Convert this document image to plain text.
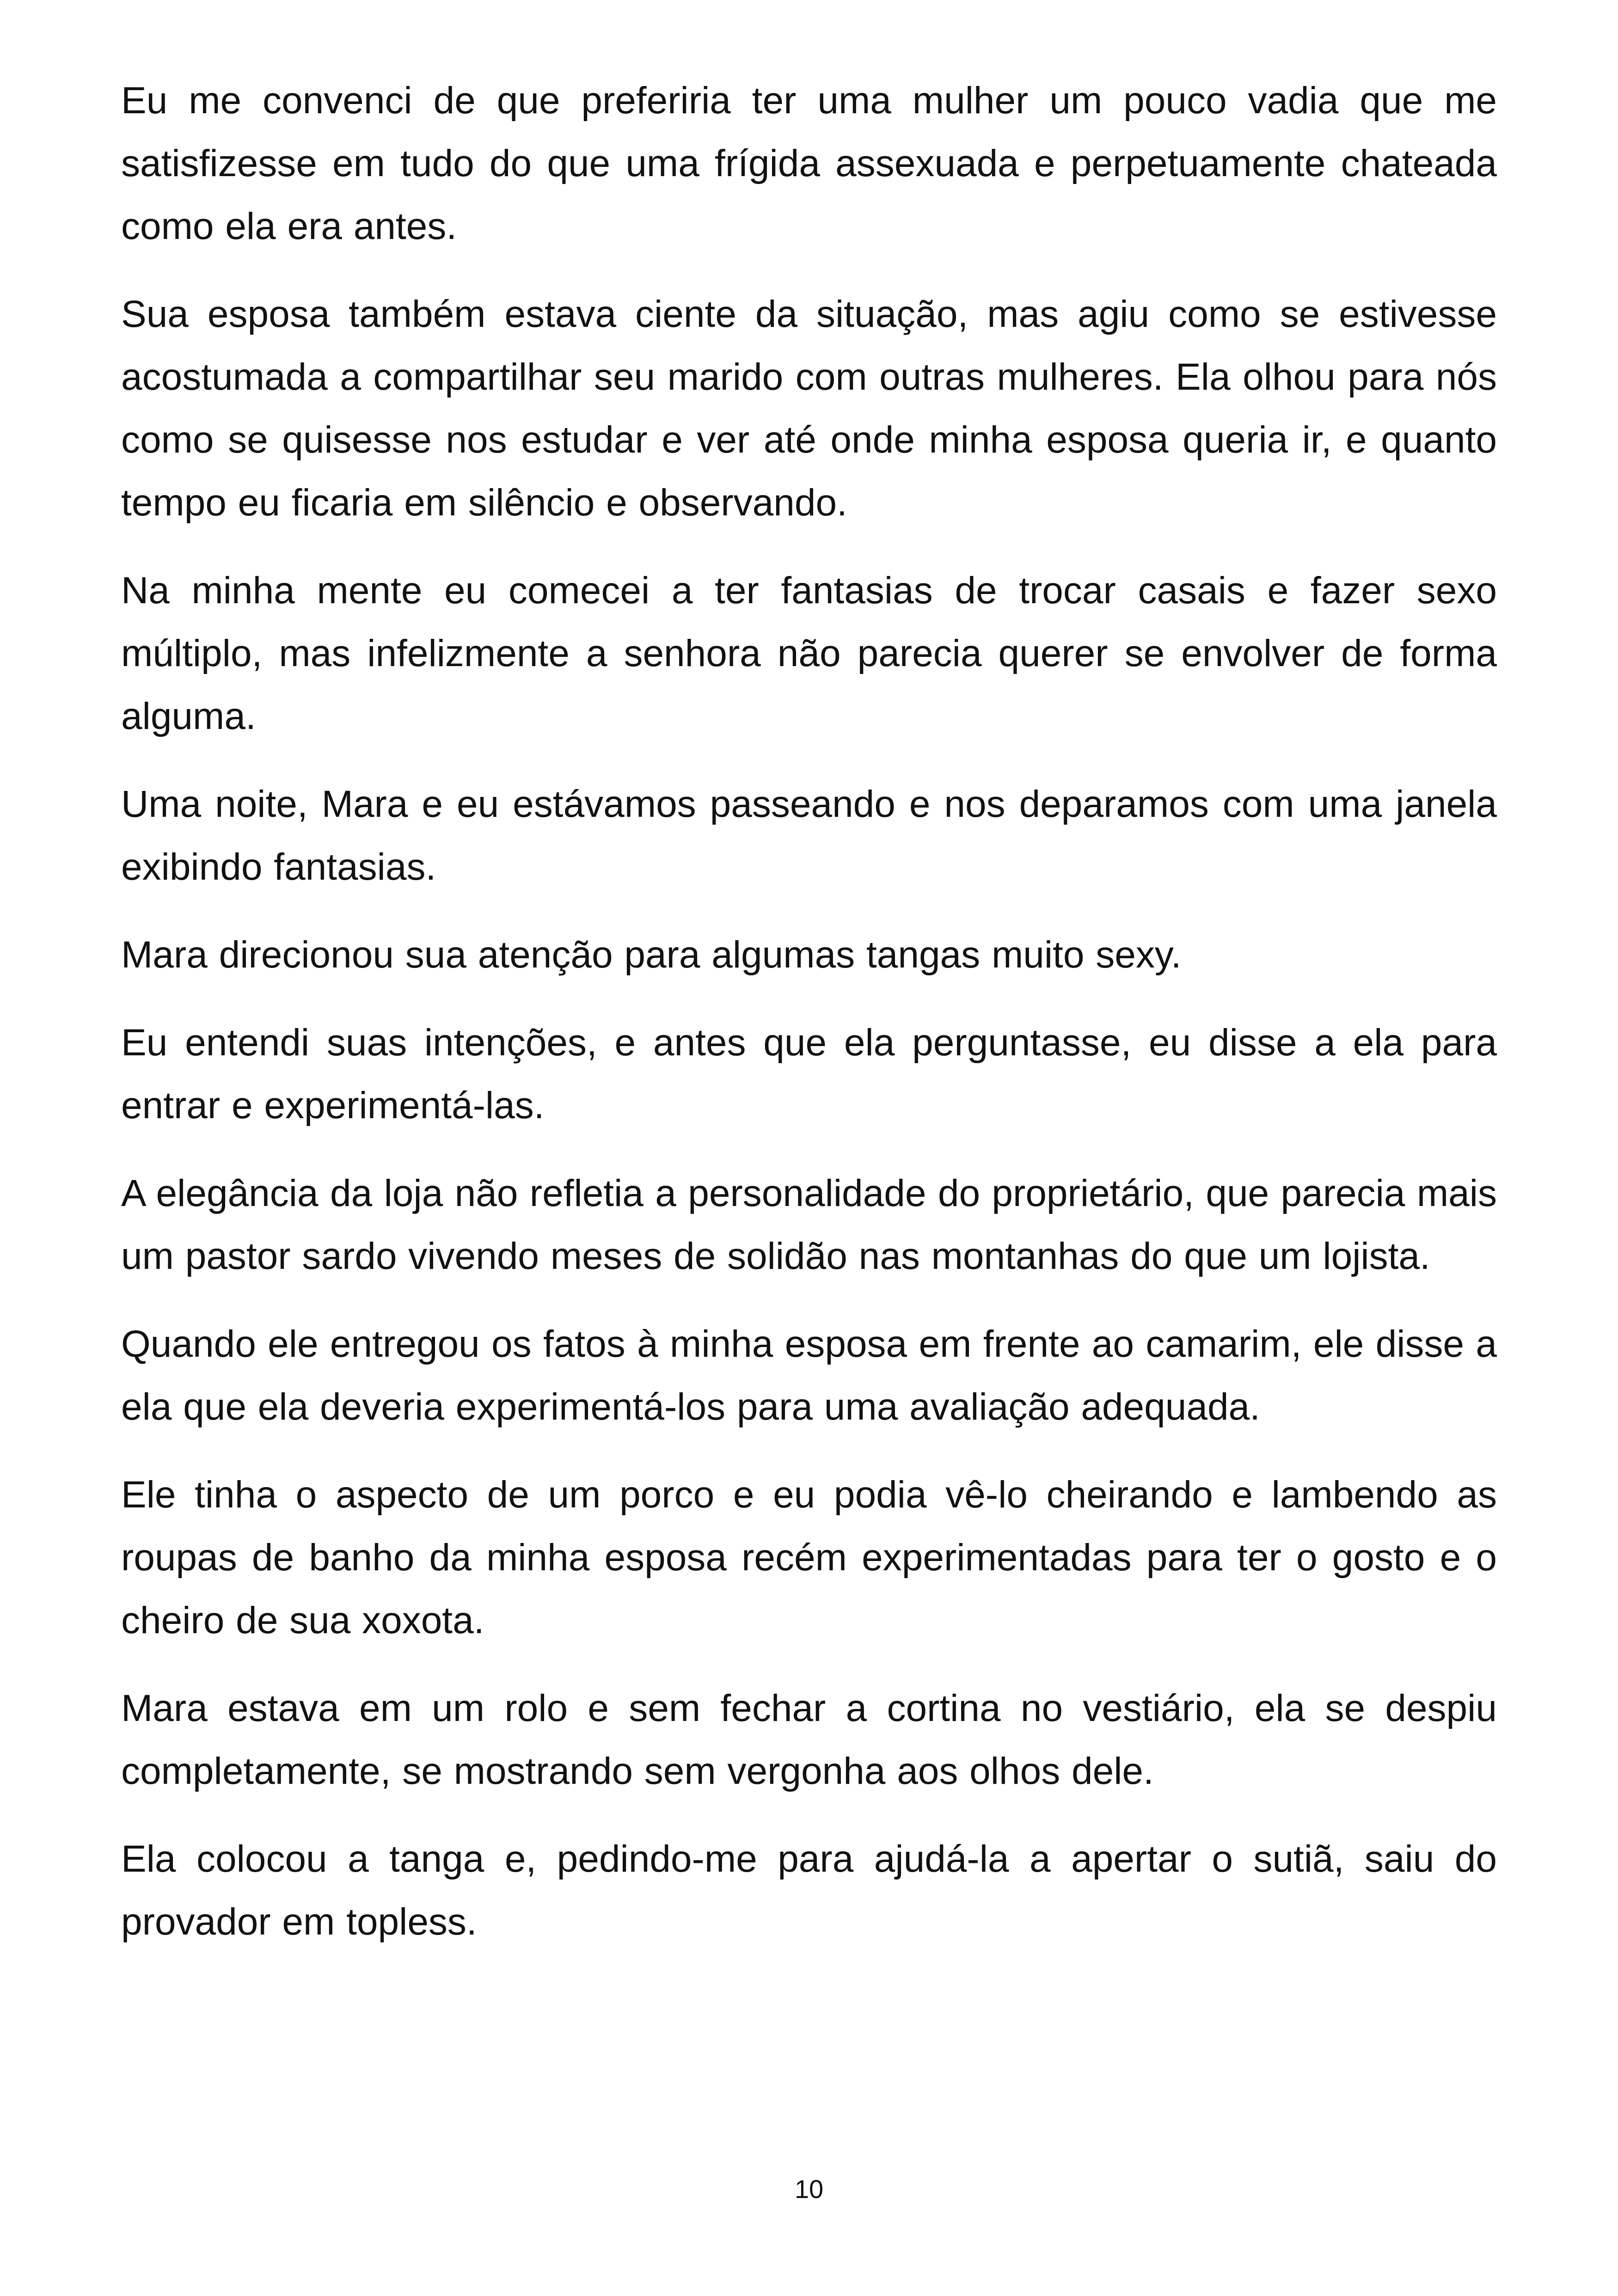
Eu me convenci de que preferiria ter uma mulher um pouco vadia que me satisfizesse em tudo do que uma frígida assexuada e perpetuamente chateada como ela era antes.

Sua esposa também estava ciente da situação, mas agiu como se estivesse acostumada a compartilhar seu marido com outras mulheres. Ela olhou para nós como se quisesse nos estudar e ver até onde minha esposa queria ir, e quanto tempo eu ficaria em silêncio e observando.

Na minha mente eu comecei a ter fantasias de trocar casais e fazer sexo múltiplo, mas infelizmente a senhora não parecia querer se envolver de forma alguma.

Uma noite, Mara e eu estávamos passeando e nos deparamos com uma janela exibindo fantasias.

Mara direcionou sua atenção para algumas tangas muito sexy.

Eu entendi suas intenções, e antes que ela perguntasse, eu disse a ela para entrar e experimentá-las.

A elegância da loja não refletia a personalidade do proprietário, que parecia mais um pastor sardo vivendo meses de solidão nas montanhas do que um lojista.

Quando ele entregou os fatos à minha esposa em frente ao camarim, ele disse a ela que ela deveria experimentá-los para uma avaliação adequada.

Ele tinha o aspecto de um porco e eu podia vê-lo cheirando e lambendo as roupas de banho da minha esposa recém experimentadas para ter o gosto e o cheiro de sua xoxota.

Mara estava em um rolo e sem fechar a cortina no vestiário, ela se despiu completamente, se mostrando sem vergonha aos olhos dele.

Ela colocou a tanga e, pedindo-me para ajudá-la a apertar o sutiã, saiu do provador em topless.

10
